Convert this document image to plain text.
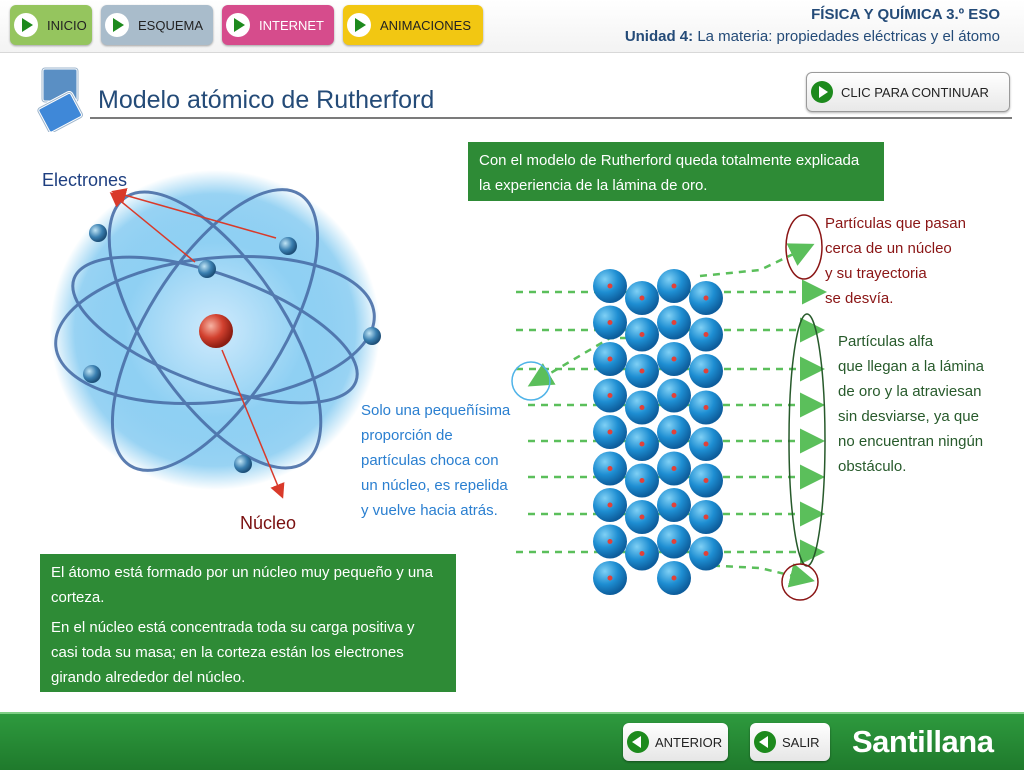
INICIO	ESQUEMA	INTERNET	ANIMACIONES
FÍSICA Y QUÍMICA 3.º ESO
Unidad 4: La materia: propiedades eléctricas y el átomo
Modelo atómico de Rutherford	CLIC PARA CONTINUAR
Electrones
Núcleo
Con el modelo de Rutherford queda totalmente explicada la experiencia de la lámina de oro.

El átomo está formado por un núcleo muy pequeño y una corteza.

En el núcleo está concentrada toda su carga positiva y casi toda su masa; en la corteza están los electrones girando alrededor del núcleo.

Solo una pequeñísima
proporción de
partículas choca con
un núcleo, es repelida
y vuelve hacia atrás.
Partículas que pasan
cerca de un núcleo
y su trayectoria
se desvía.
Partículas alfa
que llegan a la lámina
de oro y la atraviesan
sin desviarse, ya que
no encuentran ningún
obstáculo.
ANTERIOR	SALIR Santillana
